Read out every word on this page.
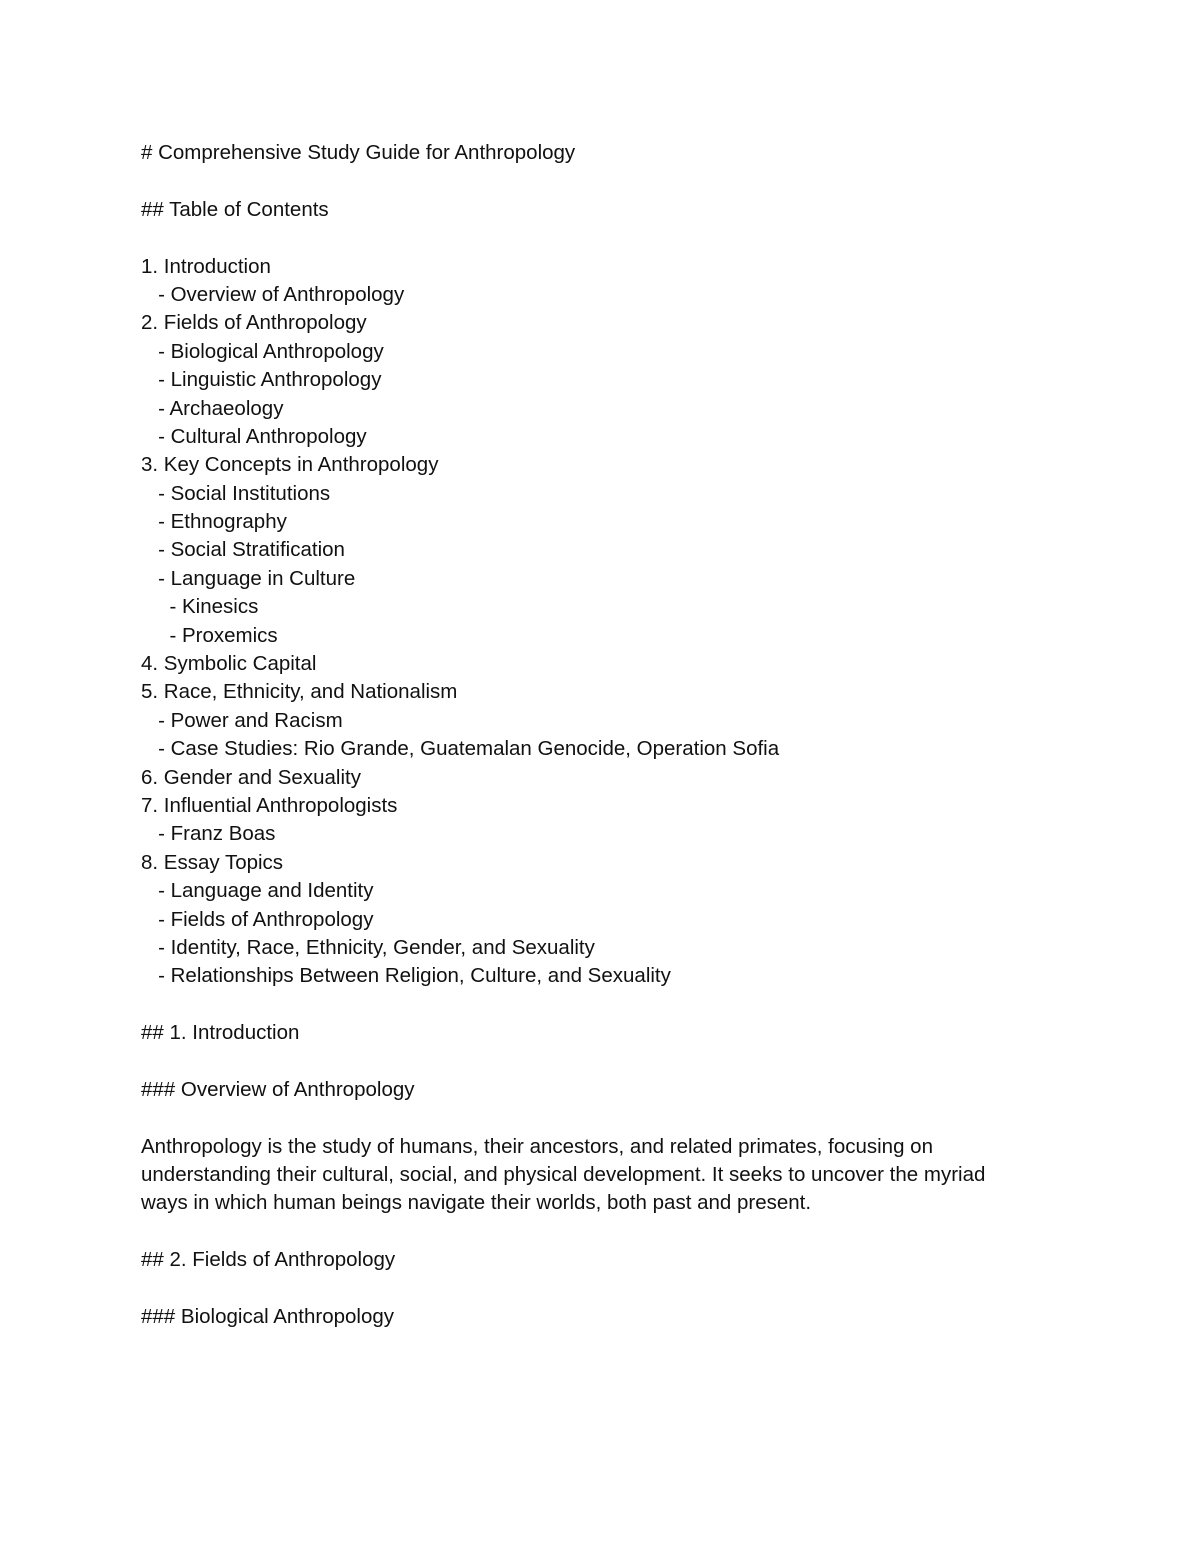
# Comprehensive Study Guide for Anthropology
## Table of Contents
1. Introduction
- Overview of Anthropology
2. Fields of Anthropology
- Biological Anthropology
- Linguistic Anthropology
- Archaeology
- Cultural Anthropology
3. Key Concepts in Anthropology
- Social Institutions
- Ethnography
- Social Stratification
- Language in Culture
- Kinesics
- Proxemics
4. Symbolic Capital
5. Race, Ethnicity, and Nationalism
- Power and Racism
- Case Studies: Rio Grande, Guatemalan Genocide, Operation Sofia
6. Gender and Sexuality
7. Influential Anthropologists
- Franz Boas
8. Essay Topics
- Language and Identity
- Fields of Anthropology
- Identity, Race, Ethnicity, Gender, and Sexuality
- Relationships Between Religion, Culture, and Sexuality
## 1. Introduction
### Overview of Anthropology
Anthropology is the study of humans, their ancestors, and related primates, focusing on
understanding their cultural, social, and physical development. It seeks to uncover the myriad
ways in which human beings navigate their worlds, both past and present.
## 2. Fields of Anthropology
### Biological Anthropology
